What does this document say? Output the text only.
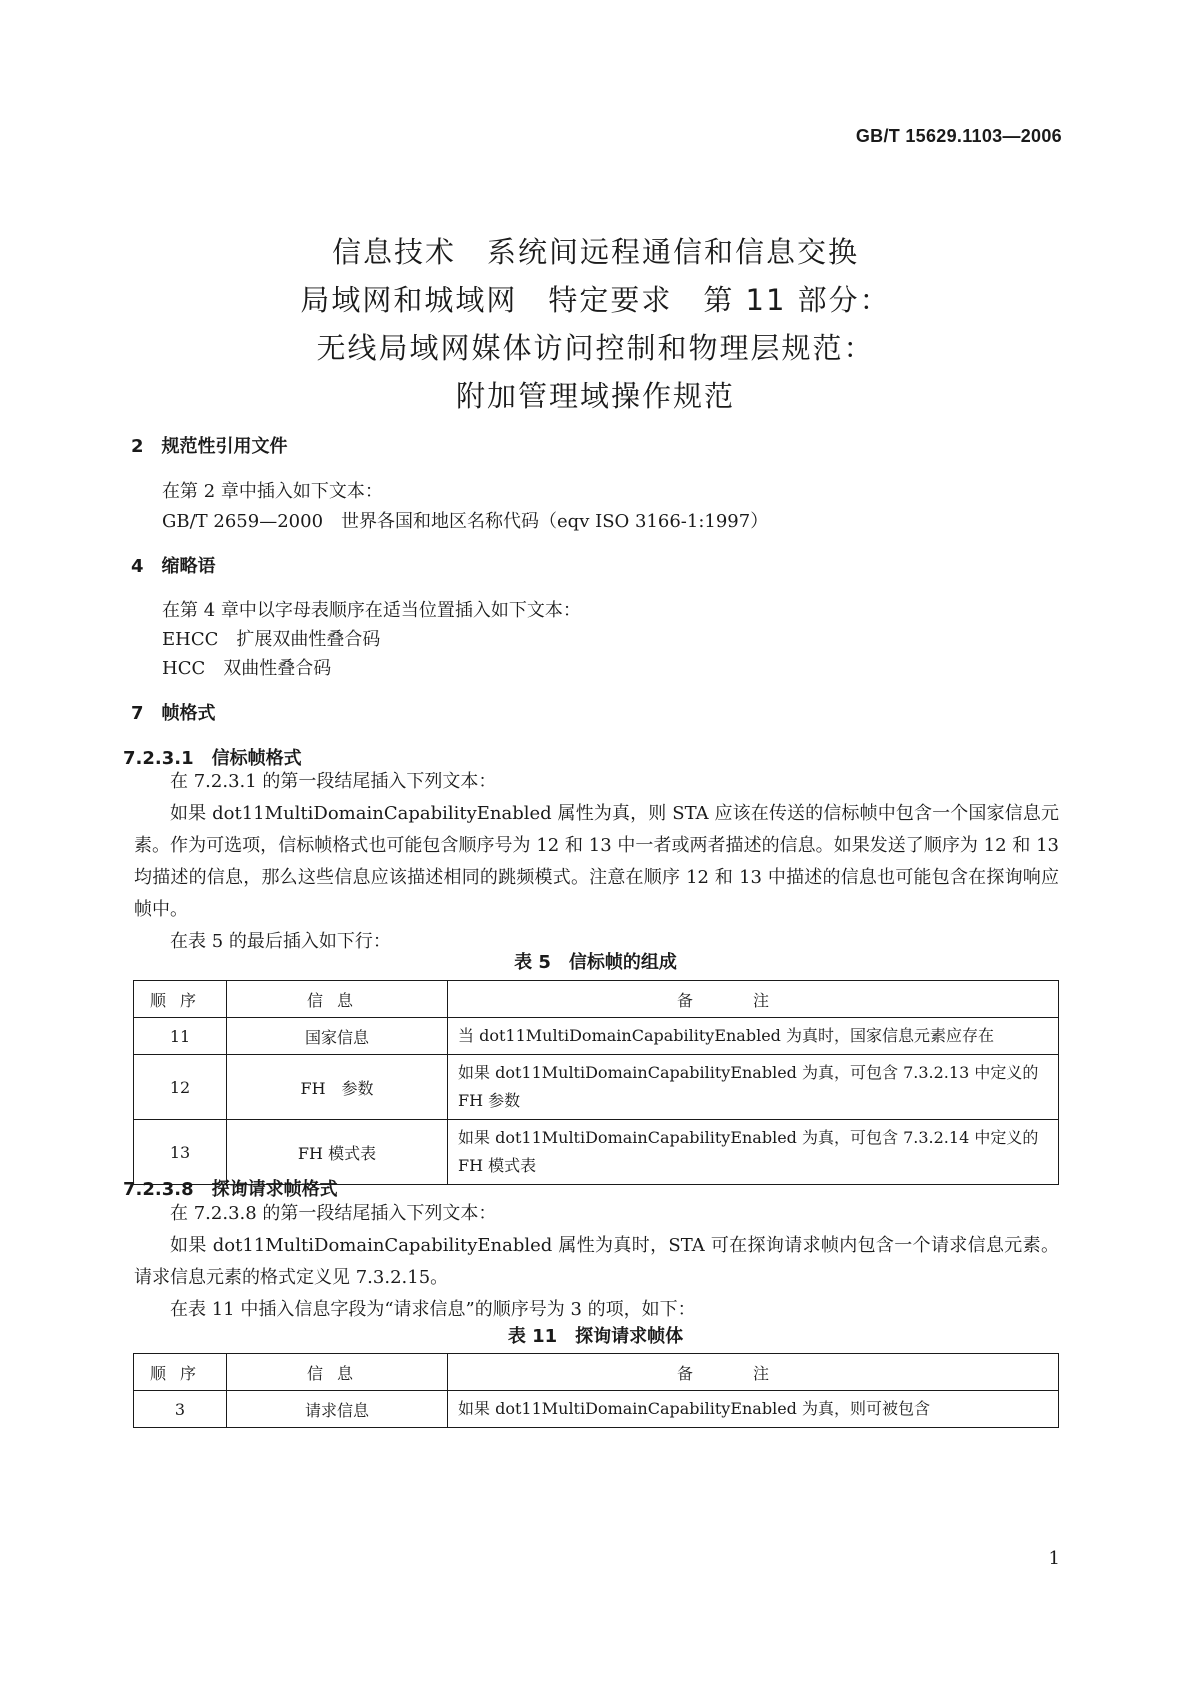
GB/T 15629.1103—2006
信息技术　系统间远程通信和信息交换
局域网和城域网　特定要求　第 11 部分：
无线局域网媒体访问控制和物理层规范：
附加管理域操作规范
2　规范性引用文件
在第 2 章中插入如下文本：
GB/T 2659—2000　世界各国和地区名称代码（eqv ISO 3166-1:1997）
4　缩略语
在第 4 章中以字母表顺序在适当位置插入如下文本：
EHCC　扩展双曲性叠合码
HCC　双曲性叠合码
7　帧格式
7.2.3.1　信标帧格式
在 7.2.3.1 的第一段结尾插入下列文本：
如果 dot11MultiDomainCapabilityEnabled 属性为真，则 STA 应该在传送的信标帧中包含一个国家信息元素。作为可选项，信标帧格式也可能包含顺序号为 12 和 13 中一者或两者描述的信息。如果发送了顺序为 12 和 13 均描述的信息，那么这些信息应该描述相同的跳频模式。注意在顺序 12 和 13 中描述的信息也可能包含在探询响应帧中。
在表 5 的最后插入如下行：
表 5　信标帧的组成
顺序	信息	备注
11	国家信息	当 dot11MultiDomainCapabilityEnabled 为真时，国家信息元素应存在
12	FH　参数	如果 dot11MultiDomainCapabilityEnabled 为真，可包含 7.3.2.13 中定义的 FH 参数
13	FH 模式表	如果 dot11MultiDomainCapabilityEnabled 为真，可包含 7.3.2.14 中定义的 FH 模式表
7.2.3.8　探询请求帧格式
在 7.2.3.8 的第一段结尾插入下列文本：
如果 dot11MultiDomainCapabilityEnabled 属性为真时，STA 可在探询请求帧内包含一个请求信息元素。请求信息元素的格式定义见 7.3.2.15。
在表 11 中插入信息字段为“请求信息”的顺序号为 3 的项，如下：
表 11　探询请求帧体
顺序	信息	备注
3	请求信息	如果 dot11MultiDomainCapabilityEnabled 为真，则可被包含
1
